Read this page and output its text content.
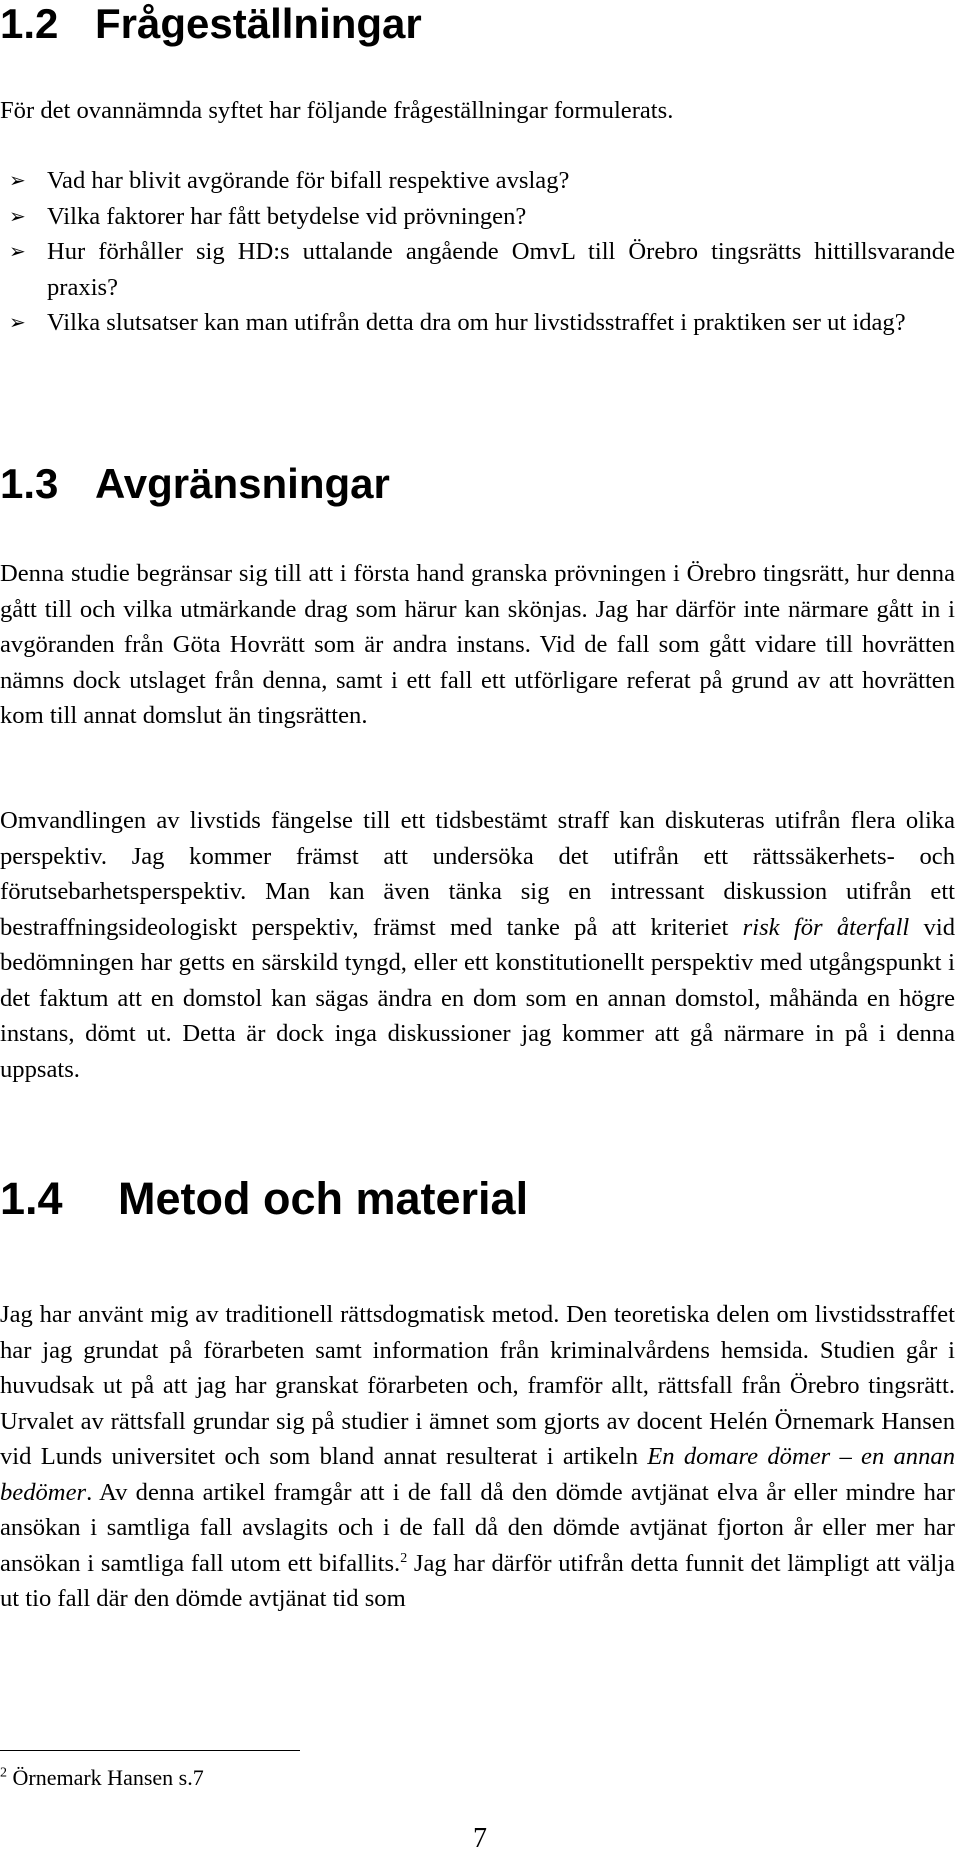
1.2 Frågeställningar

För det ovannämnda syftet har följande frågeställningar formulerats.

➢ Vad har blivit avgörande för bifall respektive avslag?
➢ Vilka faktorer har fått betydelse vid prövningen?
➢ Hur förhåller sig HD:s uttalande angående OmvL till Örebro tingsrätts hittillsvarande praxis?
➢ Vilka slutsatser kan man utifrån detta dra om hur livstidsstraffet i praktiken ser ut idag?
1.3 Avgränsningar

Denna studie begränsar sig till att i första hand granska prövningen i Örebro tingsrätt, hur denna gått till och vilka utmärkande drag som härur kan skönjas. Jag har därför inte närmare gått in i avgöranden från Göta Hovrätt som är andra instans. Vid de fall som gått vidare till hovrätten nämns dock utslaget från denna, samt i ett fall ett utförligare referat på grund av att hovrätten kom till annat domslut än tingsrätten.

Omvandlingen av livstids fängelse till ett tidsbestämt straff kan diskuteras utifrån flera olika perspektiv. Jag kommer främst att undersöka det utifrån ett rättssäkerhets- och förutsebarhetsperspektiv. Man kan även tänka sig en intressant diskussion utifrån ett bestraffningsideologiskt perspektiv, främst med tanke på att kriteriet risk för återfall vid bedömningen har getts en särskild tyngd, eller ett konstitutionellt perspektiv med utgångspunkt i det faktum att en domstol kan sägas ändra en dom som en annan domstol, måhända en högre instans, dömt ut. Detta är dock inga diskussioner jag kommer att gå närmare in på i denna uppsats.

1.4 Metod och material

Jag har använt mig av traditionell rättsdogmatisk metod. Den teoretiska delen om livstidsstraffet har jag grundat på förarbeten samt information från kriminalvårdens hemsida. Studien går i huvudsak ut på att jag har granskat förarbeten och, framför allt, rättsfall från Örebro tingsrätt. Urvalet av rättsfall grundar sig på studier i ämnet som gjorts av docent Helén Örnemark Hansen vid Lunds universitet och som bland annat resulterat i artikeln En domare dömer – en annan bedömer. Av denna artikel framgår att i de fall då den dömde avtjänat elva år eller mindre har ansökan i samtliga fall avslagits och i de fall då den dömde avtjänat fjorton år eller mer har ansökan i samtliga fall utom ett bifallits.$^2$ Jag har därför utifrån detta funnit det lämpligt att välja ut tio fall där den dömde avtjänat tid som

$^2$ Örnemark Hansen s.7
7
